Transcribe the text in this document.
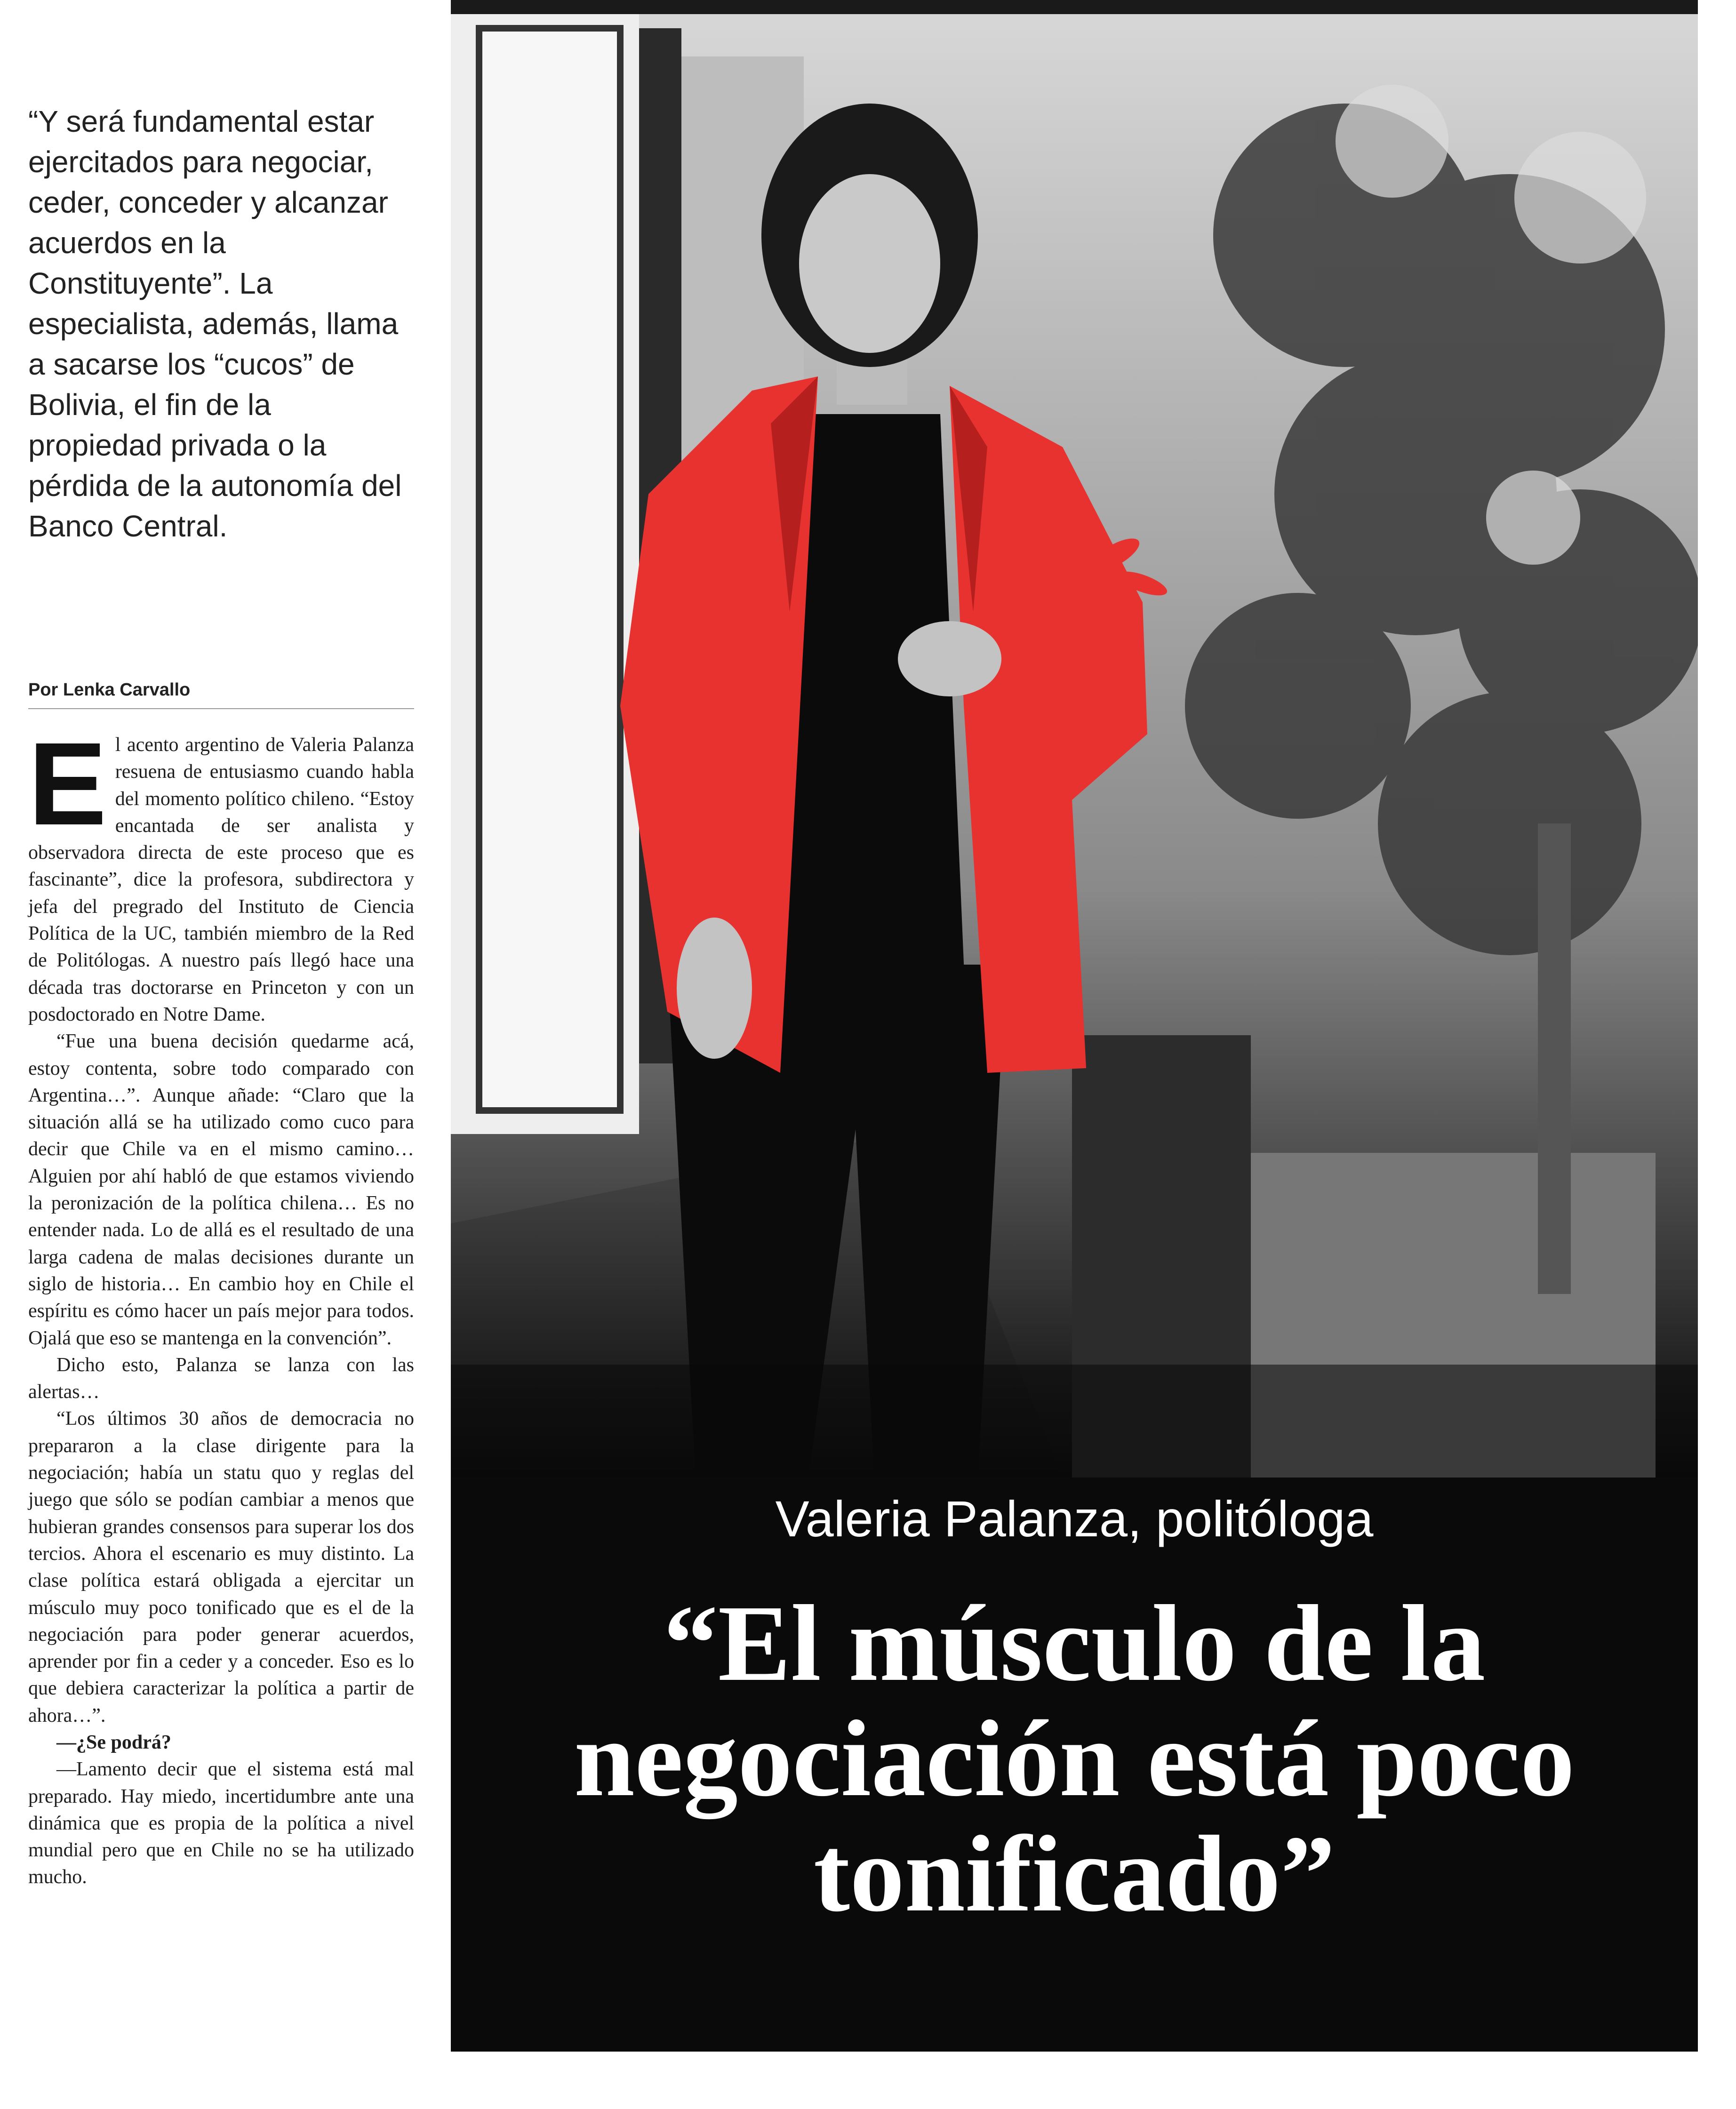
“Y será fundamental estar ejercitados para negociar, ceder, conceder y alcanzar acuerdos en la Constituyente”. La especialista, además, llama a sacarse los “cucos” de Bolivia, el fin de la propiedad privada o la pérdida de la autonomía del Banco Central.
Por Lenka Carvallo

El acento argentino de Valeria Palanza resuena de entusiasmo cuando habla del momento político chileno. “Estoy encantada de ser analista y observadora directa de este proceso que es fascinante”, dice la profesora, subdirectora y jefa del pregrado del Instituto de Ciencia Política de la UC, también miembro de la Red de Politólogas. A nuestro país llegó hace una década tras doctorarse en Princeton y con un posdoctorado en Notre Dame.

“Fue una buena decisión quedarme acá, estoy contenta, sobre todo comparado con Argentina…”. Aunque añade: “Claro que la situación allá se ha utilizado como cuco para decir que Chile va en el mismo camino… Alguien por ahí habló de que estamos viviendo la peronización de la política chilena… Es no entender nada. Lo de allá es el resultado de una larga cadena de malas decisiones durante un siglo de historia… En cambio hoy en Chile el espíritu es cómo hacer un país mejor para todos. Ojalá que eso se mantenga en la convención”.

Dicho esto, Palanza se lanza con las alertas…

“Los últimos 30 años de democracia no prepararon a la clase dirigente para la negociación; había un statu quo y reglas del juego que sólo se podían cambiar a menos que hubieran grandes consensos para superar los dos tercios. Ahora el escenario es muy distinto. La clase política estará obligada a ejercitar un músculo muy poco tonificado que es el de la negociación para poder generar acuerdos, aprender por fin a ceder y a conceder. Eso es lo que debiera caracterizar la política a partir de ahora…”.

—¿Se podrá?

—Lamento decir que el sistema está mal preparado. Hay miedo, incertidumbre ante una dinámica que es propia de la política a nivel mundial pero que en Chile no se ha utilizado mucho.

Valeria Palanza, politóloga
“El músculo de la negociación está poco tonificado”
